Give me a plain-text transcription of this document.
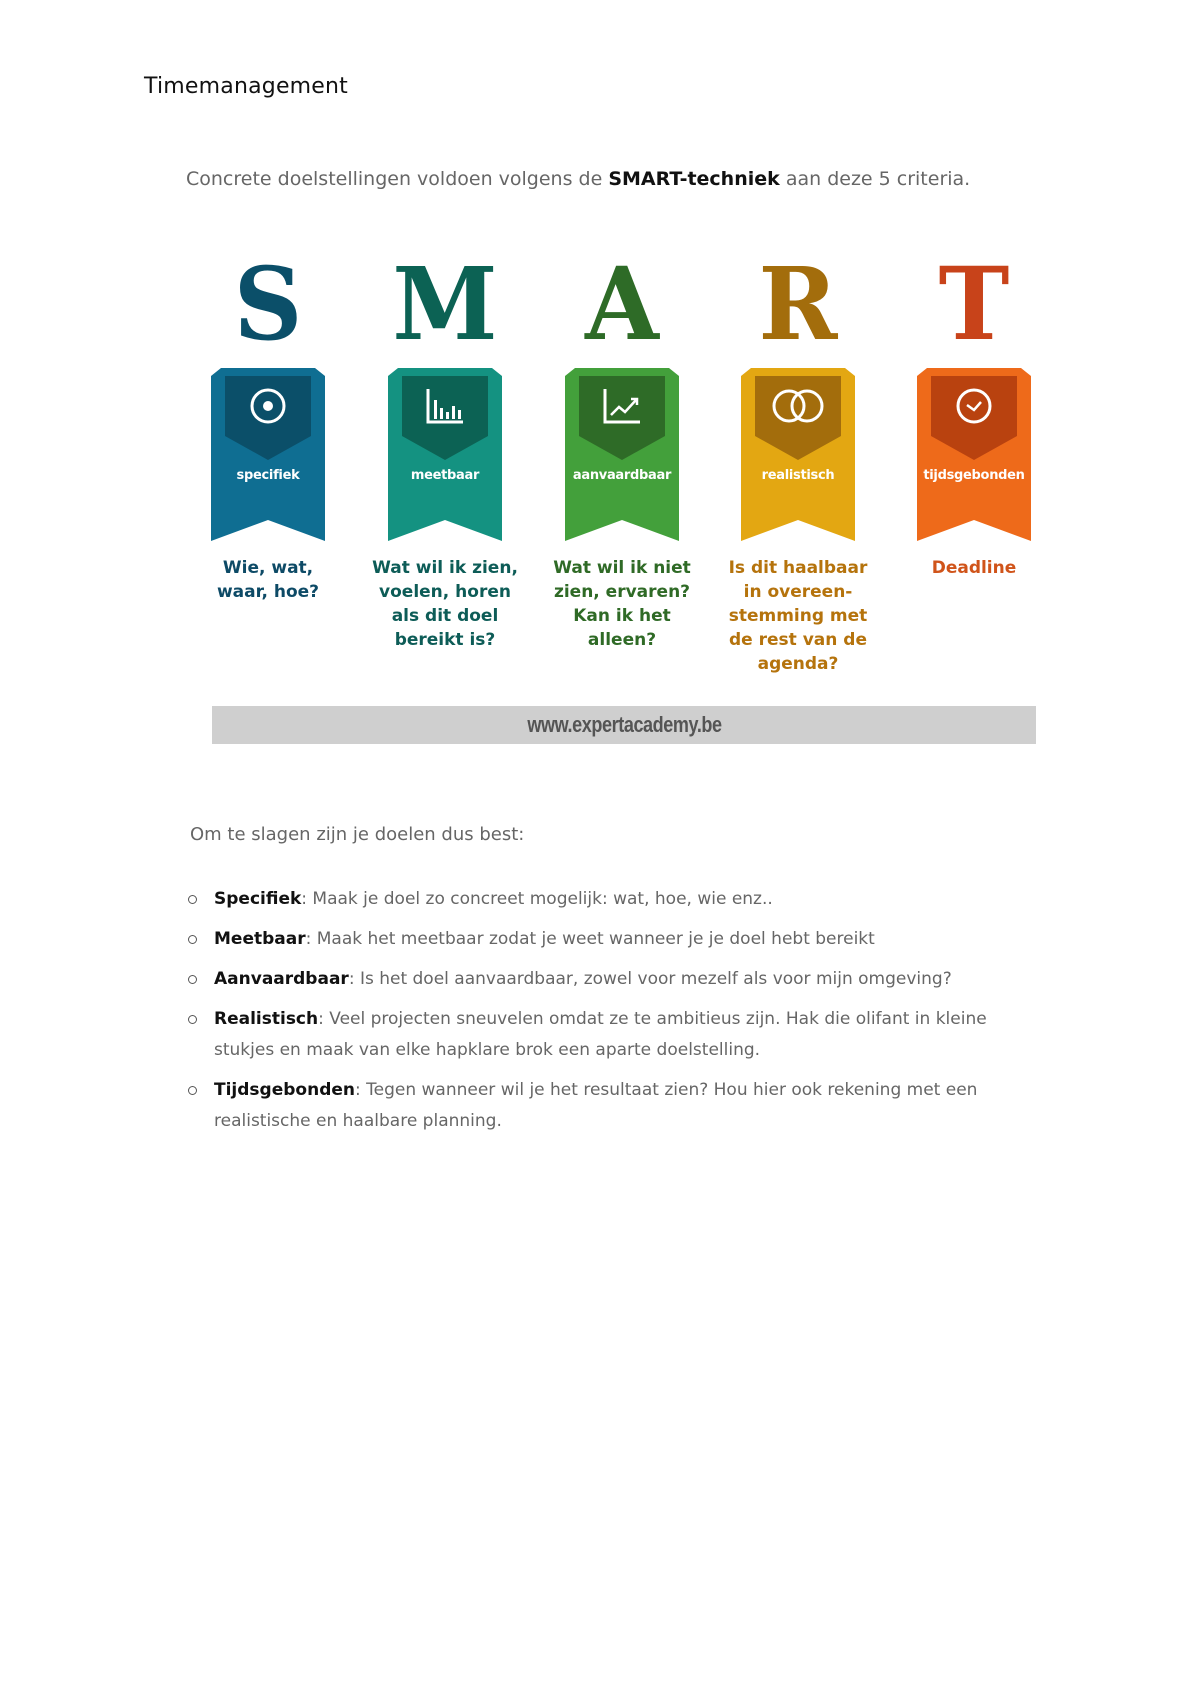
Timemanagement
Concrete doelstellingen voldoen volgens de SMART-techniek aan deze 5 criteria.
S
specifiek
M
meetbaar
A
aanvaardbaar
R
realistisch
T
tijdsgebonden
Wie, wat,
waar, hoe?
Wat wil ik zien,
voelen, horen
als dit doel
bereikt is?
Wat wil ik niet
zien, ervaren?
Kan ik het
alleen?
Is dit haalbaar
in overeen-
stemming met
de rest van de
agenda?
Deadline
www.expertacademy.be
Om te slagen zijn je doelen dus best:
Specifiek: Maak je doel zo concreet mogelijk: wat, hoe, wie enz..
Meetbaar: Maak het meetbaar zodat je weet wanneer je je doel hebt bereikt
Aanvaardbaar: Is het doel aanvaardbaar, zowel voor mezelf als voor mijn omgeving?
Realistisch: Veel projecten sneuvelen omdat ze te ambitieus zijn. Hak die olifant in kleine stukjes en maak van elke hapklare brok een aparte doelstelling.
Tijdsgebonden: Tegen wanneer wil je het resultaat zien? Hou hier ook rekening met een realistische en haalbare planning.
